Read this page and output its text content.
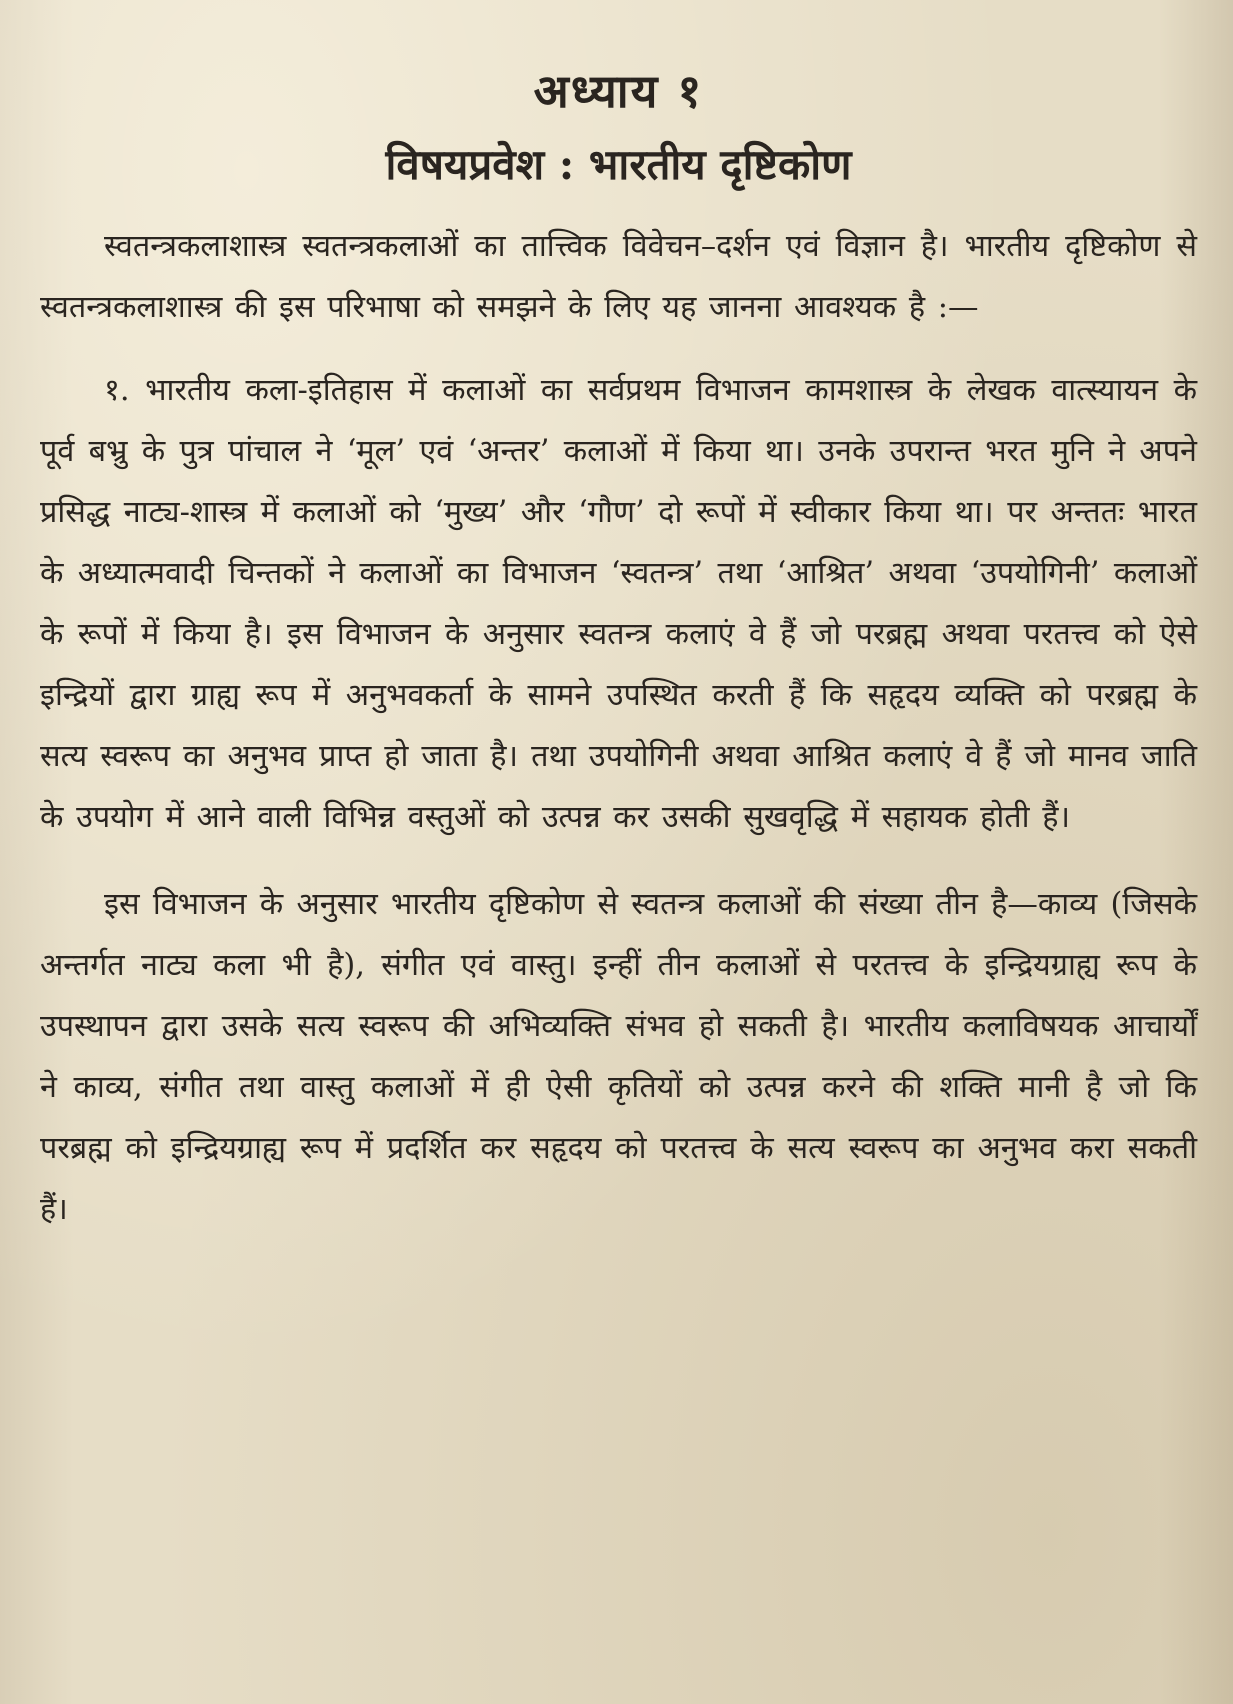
अध्याय १
विषयप्रवेश : भारतीय दृष्टिकोण

स्वतन्त्रकलाशास्त्र स्वतन्त्रकलाओं का तात्त्विक विवेचन–दर्शन एवं विज्ञान है। भारतीय दृष्टिकोण से स्वतन्त्रकलाशास्त्र की इस परिभाषा को समझने के लिए यह जानना आवश्यक है :—

१. भारतीय कला-इतिहास में कलाओं का सर्वप्रथम विभाजन कामशास्त्र के लेखक वात्स्यायन के पूर्व बभ्रु के पुत्र पांचाल ने ‘मूल’ एवं ‘अन्तर’ कलाओं में किया था। उनके उपरान्त भरत मुनि ने अपने प्रसिद्ध नाट्य-शास्त्र में कलाओं को ‘मुख्य’ और ‘गौण’ दो रूपों में स्वीकार किया था। पर अन्ततः भारत के अध्यात्मवादी चिन्तकों ने कलाओं का विभाजन ‘स्वतन्त्र’ तथा ‘आश्रित’ अथवा ‘उपयोगिनी’ कलाओं के रूपों में किया है। इस विभाजन के अनुसार स्वतन्त्र कलाएं वे हैं जो परब्रह्म अथवा परतत्त्व को ऐसे इन्द्रियों द्वारा ग्राह्य रूप में अनुभवकर्ता के सामने उपस्थित करती हैं कि सहृदय व्यक्ति को परब्रह्म के सत्य स्वरूप का अनुभव प्राप्त हो जाता है। तथा उपयोगिनी अथवा आश्रित कलाएं वे हैं जो मानव जाति के उपयोग में आने वाली विभिन्न वस्तुओं को उत्पन्न कर उसकी सुखवृद्धि में सहायक होती हैं।

इस विभाजन के अनुसार भारतीय दृष्टिकोण से स्वतन्त्र कलाओं की संख्या तीन है—काव्य (जिसके अन्तर्गत नाट्य कला भी है), संगीत एवं वास्तु। इन्हीं तीन कलाओं से परतत्त्व के इन्द्रियग्राह्य रूप के उपस्थापन द्वारा उसके सत्य स्वरूप की अभिव्यक्ति संभव हो सकती है। भारतीय कलाविषयक आचार्यों ने काव्य, संगीत तथा वास्तु कलाओं में ही ऐसी कृतियों को उत्पन्न करने की शक्ति मानी है जो कि परब्रह्म को इन्द्रियग्राह्य रूप में प्रदर्शित कर सहृदय को परतत्त्व के सत्य स्वरूप का अनुभव करा सकती हैं।
